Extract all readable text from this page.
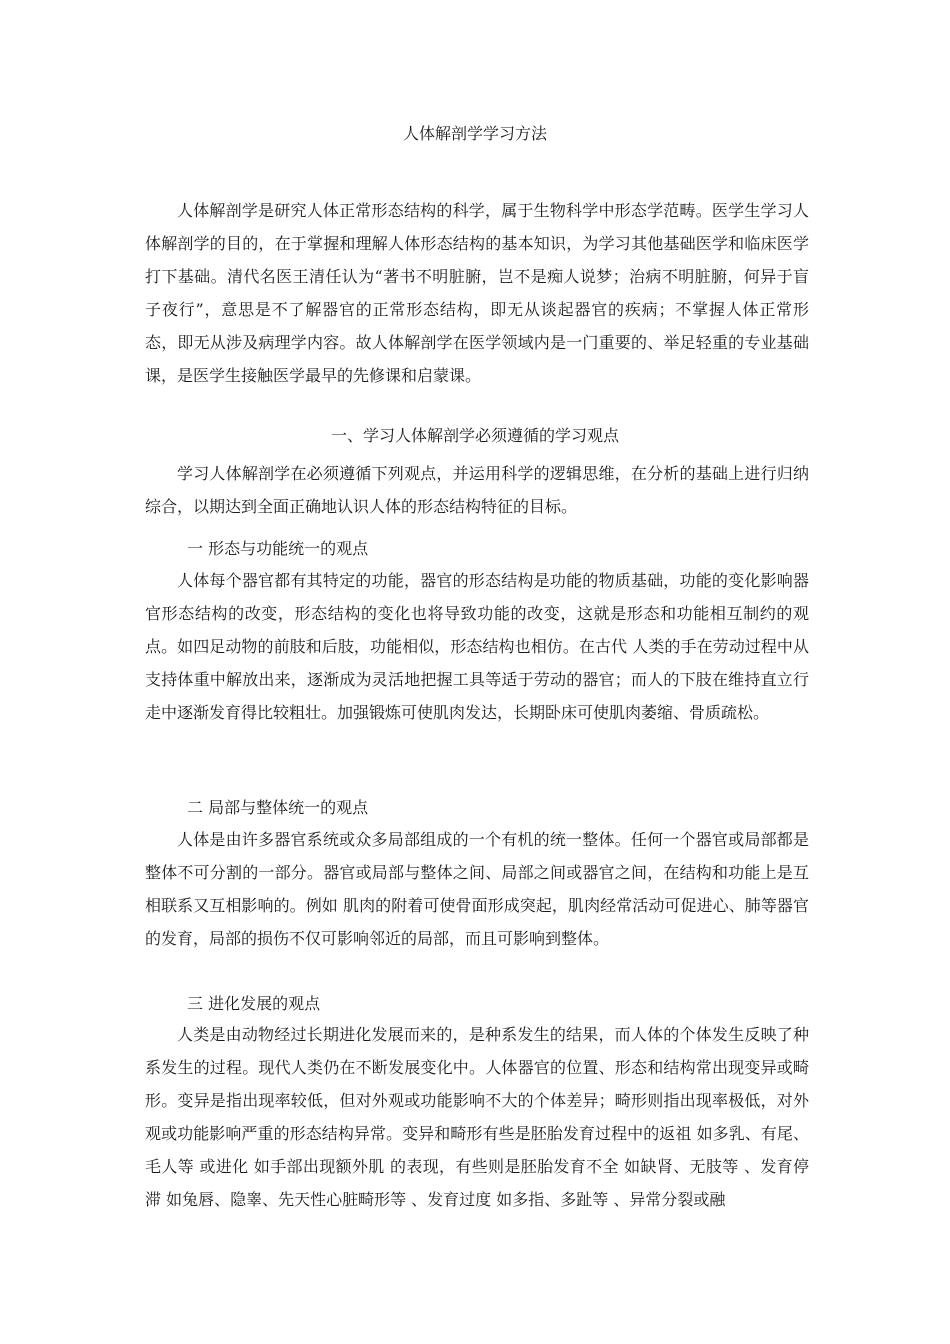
人体解剖学学习方法

人体解剖学是研究人体正常形态结构的科学，属于生物科学中形态学范畴。医学生学习人体解剖学的目的，在于掌握和理解人体形态结构的基本知识，为学习其他基础医学和临床医学打下基础。清代名医王清任认为“著书不明脏腑，岂不是痴人说梦；治病不明脏腑，何异于盲子夜行”，意思是不了解器官的正常形态结构，即无从谈起器官的疾病；不掌握人体正常形态，即无从涉及病理学内容。故人体解剖学在医学领域内是一门重要的、举足轻重的专业基础课，是医学生接触医学最早的先修课和启蒙课。

一、学习人体解剖学必须遵循的学习观点

学习人体解剖学在必须遵循下列观点，并运用科学的逻辑思维，在分析的基础上进行归纳综合，以期达到全面正确地认识人体的形态结构特征的目标。

一 形态与功能统一的观点

人体每个器官都有其特定的功能，器官的形态结构是功能的物质基础，功能的变化影响器官形态结构的改变，形态结构的变化也将导致功能的改变，这就是形态和功能相互制约的观点。如四足动物的前肢和后肢，功能相似，形态结构也相仿。在古代 人类的手在劳动过程中从支持体重中解放出来，逐渐成为灵活地把握工具等适于劳动的器官；而人的下肢在维持直立行走中逐渐发育得比较粗壮。加强锻炼可使肌肉发达，长期卧床可使肌肉萎缩、骨质疏松。

二 局部与整体统一的观点

人体是由许多器官系统或众多局部组成的一个有机的统一整体。任何一个器官或局部都是整体不可分割的一部分。器官或局部与整体之间、局部之间或器官之间，在结构和功能上是互相联系又互相影响的。例如 肌肉的附着可使骨面形成突起，肌肉经常活动可促进心、肺等器官的发育，局部的损伤不仅可影响邻近的局部，而且可影响到整体。

三 进化发展的观点

人类是由动物经过长期进化发展而来的，是种系发生的结果，而人体的个体发生反映了种系发生的过程。现代人类仍在不断发展变化中。人体器官的位置、形态和结构常出现变异或畸形。变异是指出现率较低，但对外观或功能影响不大的个体差异；畸形则指出现率极低，对外观或功能影响严重的形态结构异常。变异和畸形有些是胚胎发育过程中的返祖 如多乳、有尾、毛人等 或进化 如手部出现额外肌 的表现，有些则是胚胎发育不全 如缺肾、无肢等 、发育停滞 如兔唇、隐睾、先天性心脏畸形等 、发育过度 如多指、多趾等 、异常分裂或融
